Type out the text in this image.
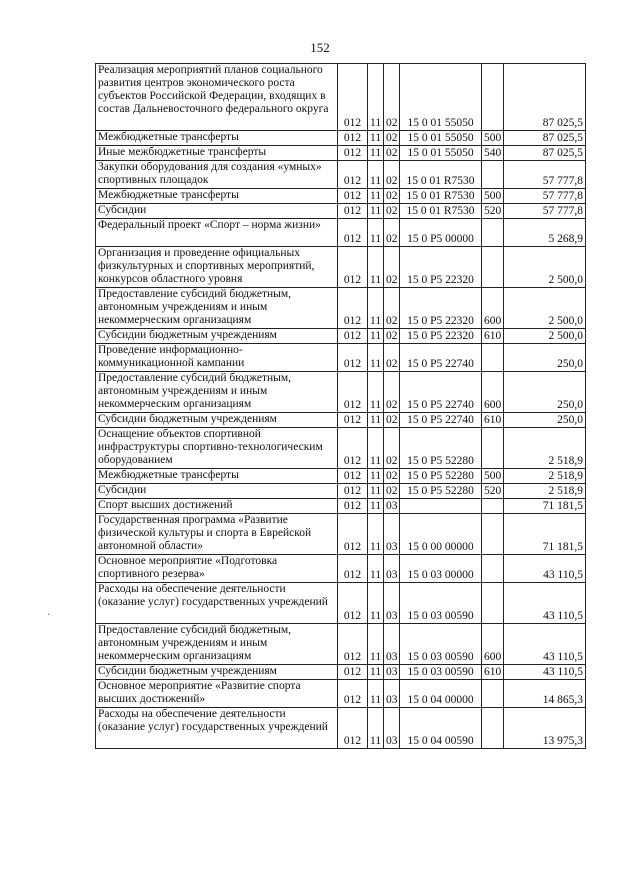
152
Реализация мероприятий планов социального развития центров экономического роста субъектов Российской Федерации, входящих в состав Дальневосточного федерального округа	012	11	02	15 0 01 55050		87 025,5
Межбюджетные трансферты	012	11	02	15 0 01 55050	500	87 025,5
Иные межбюджетные трансферты	012	11	02	15 0 01 55050	540	87 025,5
Закупки оборудования для создания «умных» спортивных площадок	012	11	02	15 0 01 R7530		57 777,8
Межбюджетные трансферты	012	11	02	15 0 01 R7530	500	57 777,8
Субсидии	012	11	02	15 0 01 R7530	520	57 777,8
Федеральный проект «Спорт – норма жизни»	012	11	02	15 0 P5 00000		5 268,9
Организация и проведение официальных физкультурных и спортивных мероприятий, конкурсов областного уровня	012	11	02	15 0 P5 22320		2 500,0
Предоставление субсидий бюджетным, автономным учреждениям и иным некоммерческим организациям	012	11	02	15 0 P5 22320	600	2 500,0
Субсидии бюджетным учреждениям	012	11	02	15 0 P5 22320	610	2 500,0
Проведение информационно-коммуникационной кампании	012	11	02	15 0 P5 22740		250,0
Предоставление субсидий бюджетным, автономным учреждениям и иным некоммерческим организациям	012	11	02	15 0 P5 22740	600	250,0
Субсидии бюджетным учреждениям	012	11	02	15 0 P5 22740	610	250,0
Оснащение объектов спортивной инфраструктуры спортивно-технологическим оборудованием	012	11	02	15 0 P5 52280		2 518,9
Межбюджетные трансферты	012	11	02	15 0 P5 52280	500	2 518,9
Субсидии	012	11	02	15 0 P5 52280	520	2 518,9
Спорт высших достижений	012	11	03			71 181,5
Государственная программа «Развитие физической культуры и спорта в Еврейской автономной области»	012	11	03	15 0 00 00000		71 181,5
Основное мероприятие «Подготовка спортивного резерва»	012	11	03	15 0 03 00000		43 110,5
Расходы на обеспечение деятельности (оказание услуг) государственных учреждений	012	11	03	15 0 03 00590		43 110,5
Предоставление субсидий бюджетным, автономным учреждениям и иным некоммерческим организациям	012	11	03	15 0 03 00590	600	43 110,5
Субсидии бюджетным учреждениям	012	11	03	15 0 03 00590	610	43 110,5
Основное мероприятие «Развитие спорта высших достижений»	012	11	03	15 0 04 00000		14 865,3
Расходы на обеспечение деятельности (оказание услуг) государственных учреждений	012	11	03	15 0 04 00590		13 975,3
·
